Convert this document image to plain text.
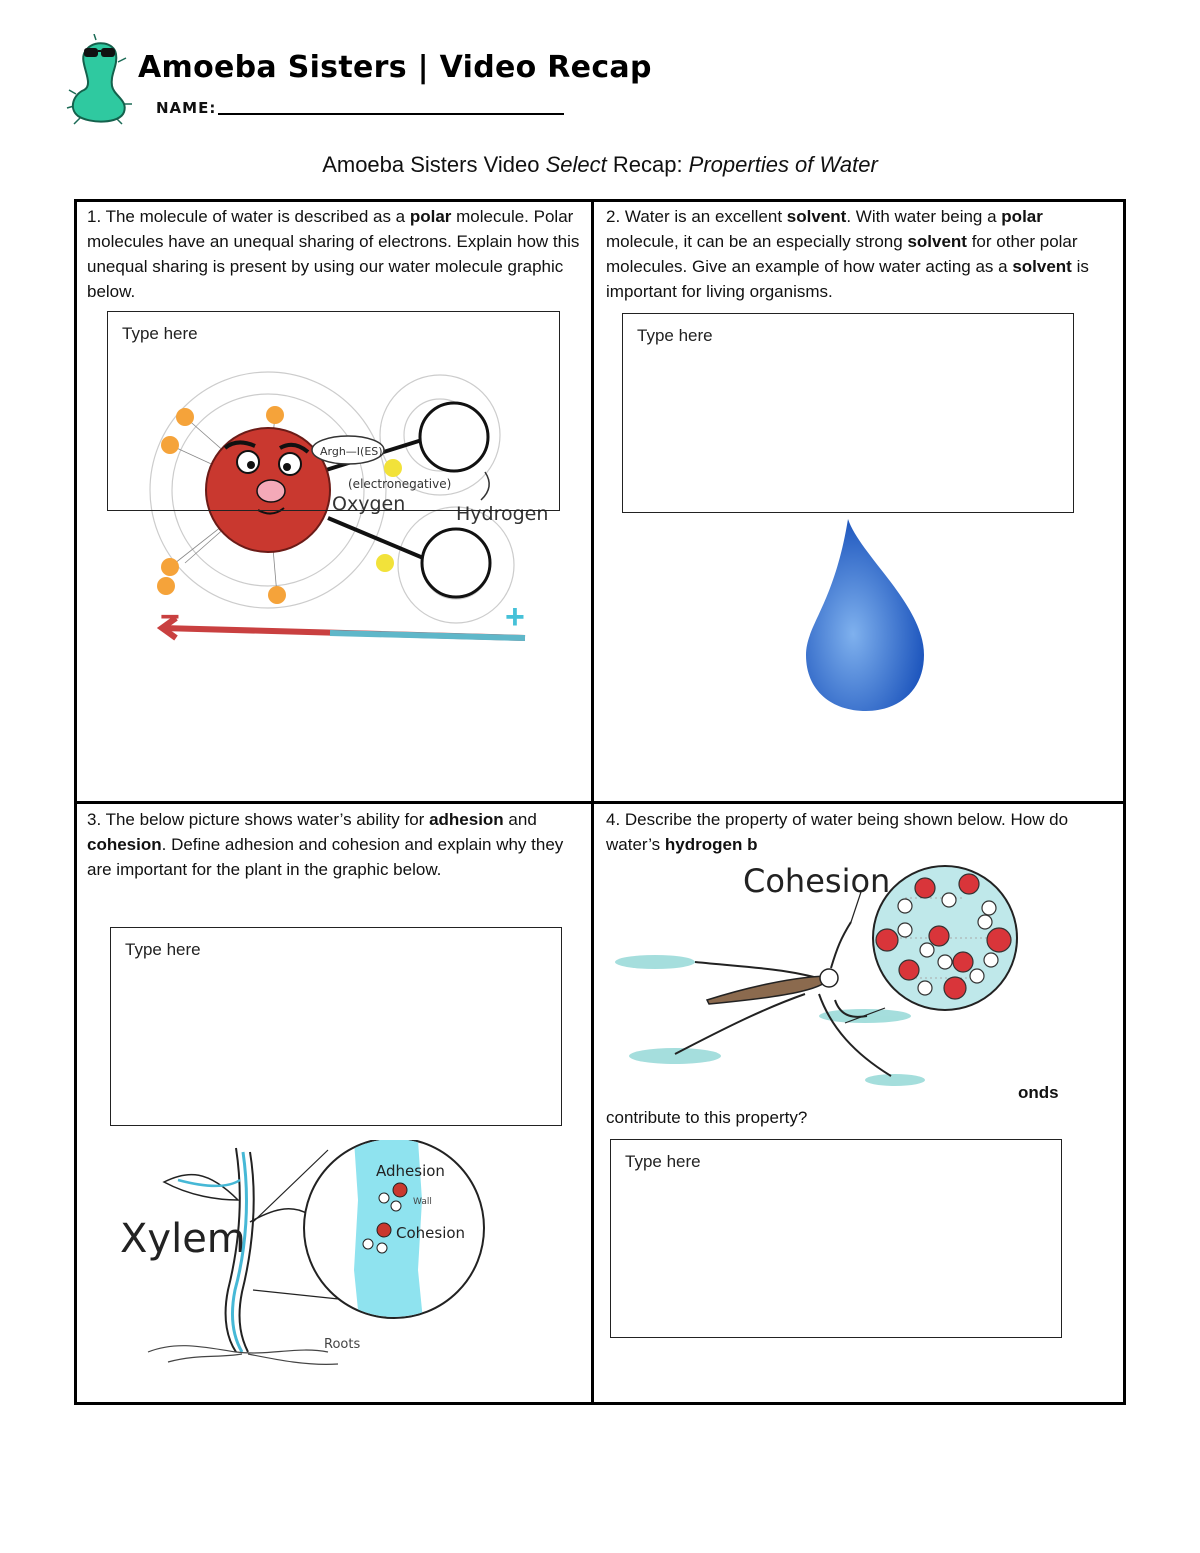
Amoeba Sisters | Video Recap
NAME:
Amoeba Sisters Video Select Recap: Properties of Water
1. The molecule of water is described as a polar molecule. Polar molecules have an unequal sharing of electrons. Explain how this unequal sharing is present by using our water molecule graphic below.
Argh—I(ES)
(electronegative)
Oxygen	Hydrogen
−	+
Type here
2. Water is an excellent solvent. With water being a polar molecule, it can be an especially strong solvent for other polar molecules. Give an example of how water acting as a solvent is important for living organisms.
Type here
3. The below picture shows water’s ability for adhesion and cohesion. Define adhesion and cohesion and explain why they are important for the plant in the graphic below.
Type here
Xylem
Roots
Adhesion
Wall
Cohesion
4. Describe the property of water being shown below. How do water’s hydrogen b
Cohesion
onds
contribute to this property?
Type here
